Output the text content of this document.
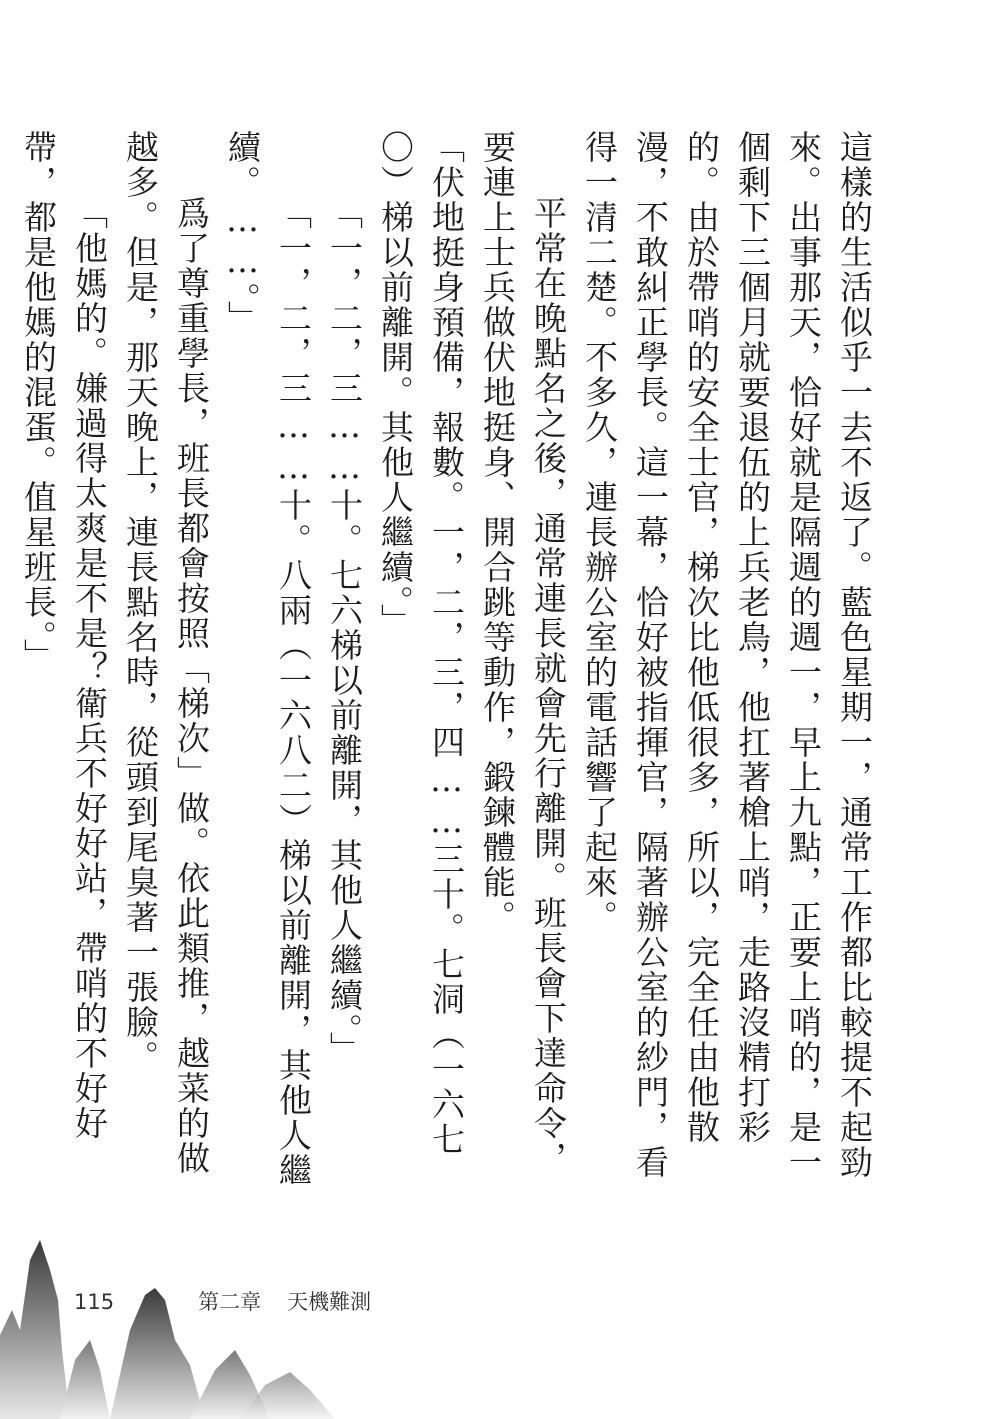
這樣的生活似乎一去不返了。藍色星期一，通常工作都比較提不起勁來。出事那天，恰好就是隔週的週一，早上九點，正要上哨的，是一個剩下三個月就要退伍的上兵老鳥，他扛著槍上哨，走路沒精打彩的。由於帶哨的安全士官，梯次比他低很多，所以，完全任由他散漫，不敢糾正學長。這一幕，恰好被指揮官，隔著辦公室的紗門，看得一清二楚。不多久，連長辦公室的電話響了起來。

平常在晚點名之後，通常連長就會先行離開。班長會下達命令，要連上士兵做伏地挺身、開合跳等動作，鍛鍊體能。

「伏地挺身預備，報數。一，二，三，四……三十。七洞（一六七〇）梯以前離開。其他人繼續。」

「一，二，三……十。七六梯以前離開，其他人繼續。」

「一，二，三……十。八兩（一六八二）梯以前離開，其他人繼續。……。」

爲了尊重學長，班長都會按照「梯次」做。依此類推，越菜的做越多。但是，那天晚上，連長點名時，從頭到尾臭著一張臉。

「他媽的。嫌過得太爽是不是？衛兵不好好站，帶哨的不好好帶，都是他媽的混蛋。值星班長。」

115	第二章 天機難測
